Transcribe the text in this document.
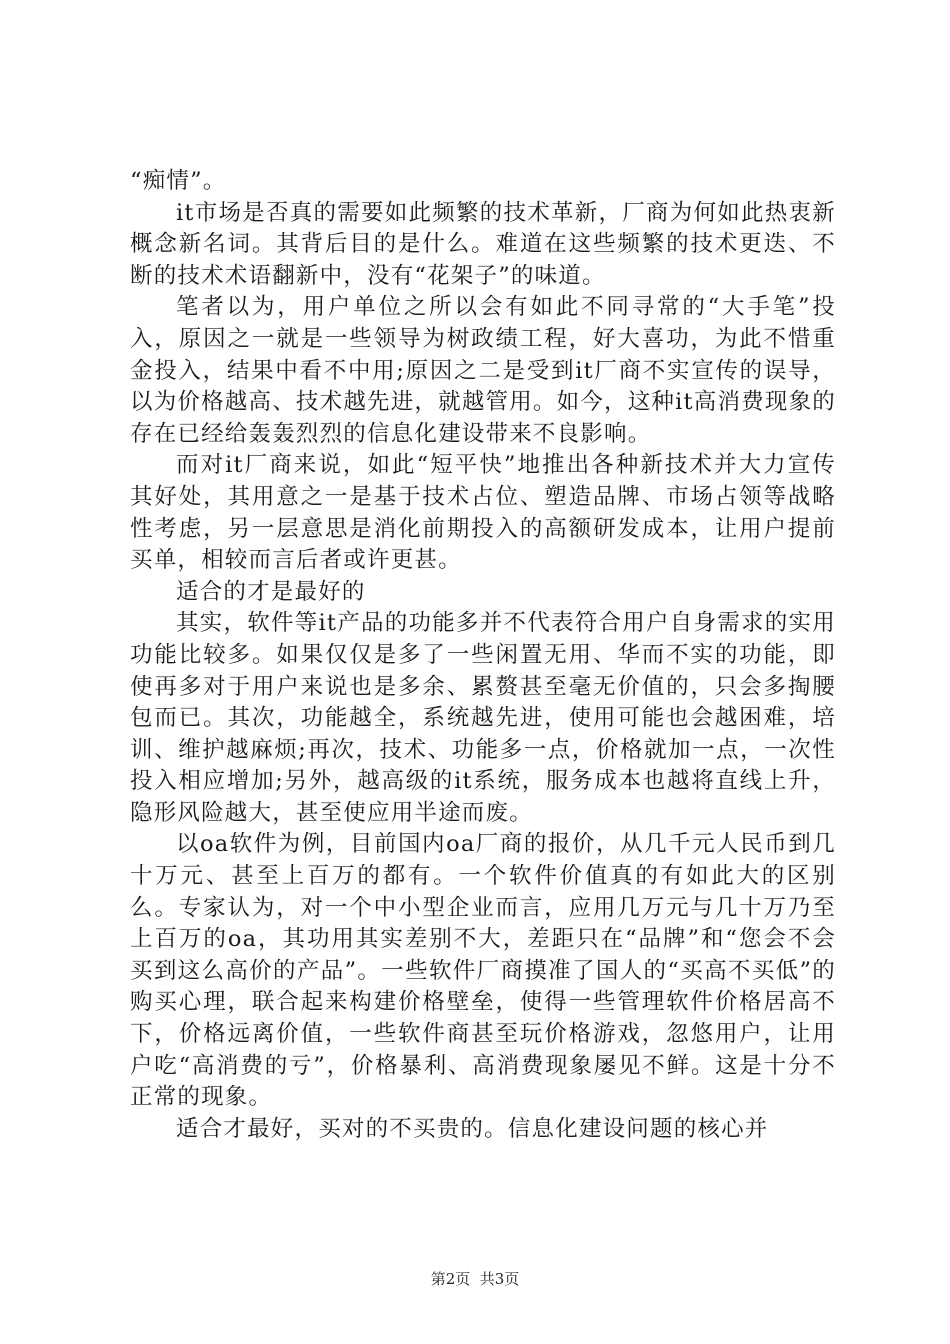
“痴情”。

it市场是否真的需要如此频繁的技术革新，厂商为何如此热衷新概念新名词。其背后目的是什么。难道在这些频繁的技术更迭、不断的技术术语翻新中，没有“花架子”的味道。

笔者以为，用户单位之所以会有如此不同寻常的“大手笔”投入，原因之一就是一些领导为树政绩工程，好大喜功，为此不惜重金投入，结果中看不中用;原因之二是受到it厂商不实宣传的误导，以为价格越高、技术越先进，就越管用。如今，这种it高消费现象的存在已经给轰轰烈烈的信息化建设带来不良影响。

而对it厂商来说，如此“短平快”地推出各种新技术并大力宣传其好处，其用意之一是基于技术占位、塑造品牌、市场占领等战略性考虑，另一层意思是消化前期投入的高额研发成本，让用户提前买单，相较而言后者或许更甚。

适合的才是最好的

其实，软件等it产品的功能多并不代表符合用户自身需求的实用功能比较多。如果仅仅是多了一些闲置无用、华而不实的功能，即使再多对于用户来说也是多余、累赘甚至毫无价值的，只会多掏腰包而已。其次，功能越全，系统越先进，使用可能也会越困难，培训、维护越麻烦;再次，技术、功能多一点，价格就加一点，一次性投入相应增加;另外，越高级的it系统，服务成本也越将直线上升，隐形风险越大，甚至使应用半途而废。

以oa软件为例，目前国内oa厂商的报价，从几千元人民币到几十万元、甚至上百万的都有。一个软件价值真的有如此大的区别么。专家认为，对一个中小型企业而言，应用几万元与几十万乃至上百万的oa，其功用其实差别不大，差距只在“品牌”和“您会不会买到这么高价的产品”。一些软件厂商摸准了国人的“买高不买低”的购买心理，联合起来构建价格壁垒，使得一些管理软件价格居高不下，价格远离价值，一些软件商甚至玩价格游戏，忽悠用户，让用户吃“高消费的亏”，价格暴利、高消费现象屡见不鲜。这是十分不正常的现象。

适合才最好，买对的不买贵的。信息化建设问题的核心并

第2页  共3页
